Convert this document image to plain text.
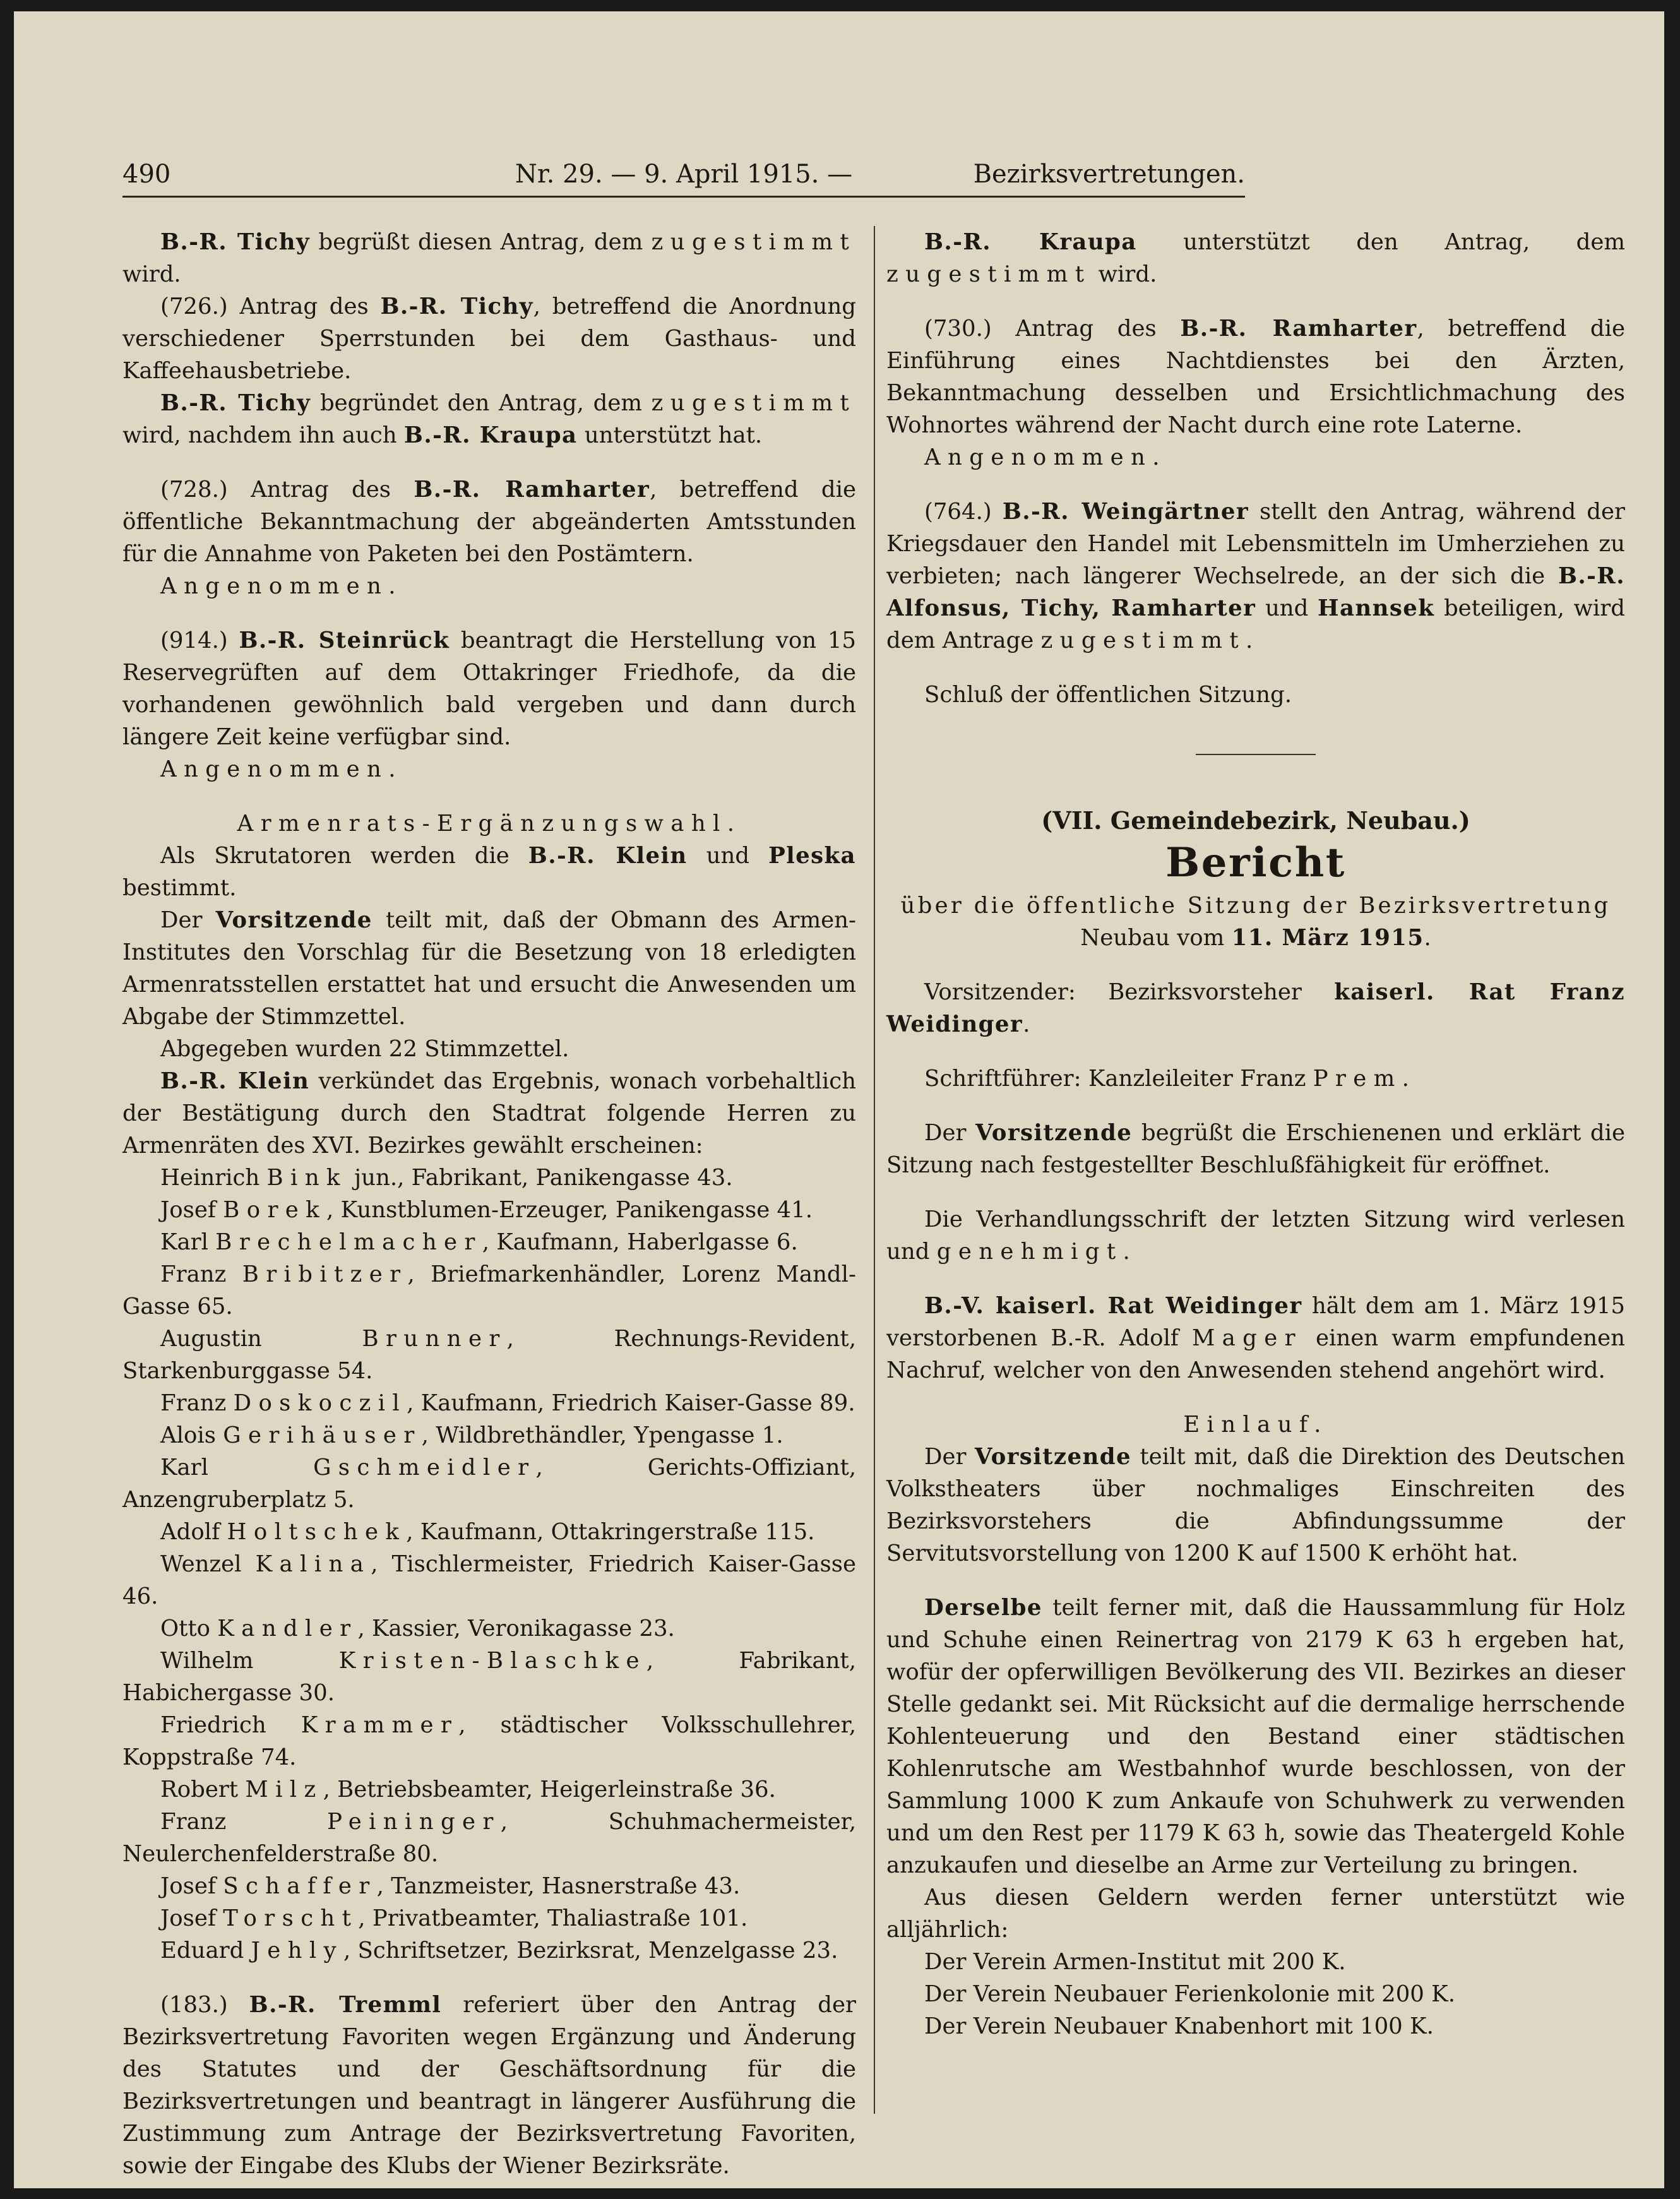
490	Nr. 29. — 9. April 1915. —	Bezirksvertretungen.

B.-R. Tichy begrüßt diesen Antrag, dem zugestimmt wird.

(726.) Antrag des B.-R. Tichy, betreffend die Anordnung verschiedener Sperrstunden bei dem Gasthaus- und Kaffeehausbetriebe.

B.-R. Tichy begründet den Antrag, dem zugestimmt wird, nachdem ihn auch B.-R. Kraupa unterstützt hat.

(728.) Antrag des B.-R. Ramharter, betreffend die öffentliche Bekanntmachung der abgeänderten Amtsstunden für die Annahme von Paketen bei den Postämtern.

Angenommen.

(914.) B.-R. Steinrück beantragt die Herstellung von 15 Reservegrüften auf dem Ottakringer Friedhofe, da die vorhandenen gewöhnlich bald vergeben und dann durch längere Zeit keine verfügbar sind.

Angenommen.

Armenrats-Ergänzungswahl.

Als Skrutatoren werden die B.-R. Klein und Pleska bestimmt.

Der Vorsitzende teilt mit, daß der Obmann des Armen-Institutes den Vorschlag für die Besetzung von 18 erledigten Armenratsstellen erstattet hat und ersucht die Anwesenden um Abgabe der Stimmzettel.

Abgegeben wurden 22 Stimmzettel.

B.-R. Klein verkündet das Ergebnis, wonach vorbehaltlich der Bestätigung durch den Stadtrat folgende Herren zu Armenräten des XVI. Bezirkes gewählt erscheinen:

Heinrich Bink jun., Fabrikant, Panikengasse 43.

Josef Borek, Kunstblumen-Erzeuger, Panikengasse 41.

Karl Brechelmacher, Kaufmann, Haberlgasse 6.

Franz Bribitzer, Briefmarkenhändler, Lorenz Mandl-Gasse 65.

Augustin Brunner, Rechnungs-Revident, Starkenburggasse 54.

Franz Doskoczil, Kaufmann, Friedrich Kaiser-Gasse 89.

Alois Gerihäuser, Wildbrethändler, Ypengasse 1.

Karl Gschmeidler, Gerichts-Offiziant, Anzengruberplatz 5.

Adolf Holtschek, Kaufmann, Ottakringerstraße 115.

Wenzel Kalina, Tischlermeister, Friedrich Kaiser-Gasse 46.

Otto Kandler, Kassier, Veronikagasse 23.

Wilhelm Kristen-Blaschke, Fabrikant, Habichergasse 30.

Friedrich Krammer, städtischer Volksschullehrer, Koppstraße 74.

Robert Milz, Betriebsbeamter, Heigerleinstraße 36.

Franz Peininger, Schuhmachermeister, Neulerchenfelderstraße 80.

Josef Schaffer, Tanzmeister, Hasnerstraße 43.

Josef Torscht, Privatbeamter, Thaliastraße 101.

Eduard Jehly, Schriftsetzer, Bezirksrat, Menzelgasse 23.

(183.) B.-R. Tremml referiert über den Antrag der Bezirksvertretung Favoriten wegen Ergänzung und Änderung des Statutes und der Geschäftsordnung für die Bezirksvertretungen und beantragt in längerer Ausführung die Zustimmung zum Antrage der Bezirksvertretung Favoriten, sowie der Eingabe des Klubs der Wiener Bezirksräte.

B.-R. Kraupa unterstützt den Antrag, dem zugestimmt wird.

(730.) Antrag des B.-R. Ramharter, betreffend die Einführung eines Nachtdienstes bei den Ärzten, Bekanntmachung desselben und Ersichtlichmachung des Wohnortes während der Nacht durch eine rote Laterne.

Angenommen.

(764.) B.-R. Weingärtner stellt den Antrag, während der Kriegsdauer den Handel mit Lebensmitteln im Umherziehen zu verbieten; nach längerer Wechselrede, an der sich die B.-R. Alfonsus, Tichy, Ramharter und Hannsek beteiligen, wird dem Antrage zugestimmt.

Schluß der öffentlichen Sitzung.

(VII. Gemeindebezirk, Neubau.)

Bericht

über die öffentliche Sitzung der Bezirksvertretung

Neubau vom 11. März 1915.

Vorsitzender: Bezirksvorsteher kaiserl. Rat Franz Weidinger.

Schriftführer: Kanzleileiter Franz Prem.

Der Vorsitzende begrüßt die Erschienenen und erklärt die Sitzung nach festgestellter Beschlußfähigkeit für eröffnet.

Die Verhandlungsschrift der letzten Sitzung wird verlesen und genehmigt.

B.-V. kaiserl. Rat Weidinger hält dem am 1. März 1915 verstorbenen B.-R. Adolf Mager einen warm empfundenen Nachruf, welcher von den Anwesenden stehend angehört wird.

Einlauf.

Der Vorsitzende teilt mit, daß die Direktion des Deutschen Volkstheaters über nochmaliges Einschreiten des Bezirksvorstehers die Abfindungssumme der Servitutsvorstellung von 1200 K auf 1500 K erhöht hat.

Derselbe teilt ferner mit, daß die Haussammlung für Holz und Schuhe einen Reinertrag von 2179 K 63 h ergeben hat, wofür der opferwilligen Bevölkerung des VII. Bezirkes an dieser Stelle gedankt sei. Mit Rücksicht auf die dermalige herrschende Kohlenteuerung und den Bestand einer städtischen Kohlenrutsche am Westbahnhof wurde beschlossen, von der Sammlung 1000 K zum Ankaufe von Schuhwerk zu verwenden und um den Rest per 1179 K 63 h, sowie das Theatergeld Kohle anzukaufen und dieselbe an Arme zur Verteilung zu bringen.

Aus diesen Geldern werden ferner unterstützt wie alljährlich:

Der Verein Armen-Institut mit 200 K.

Der Verein Neubauer Ferienkolonie mit 200 K.

Der Verein Neubauer Knabenhort mit 100 K.
